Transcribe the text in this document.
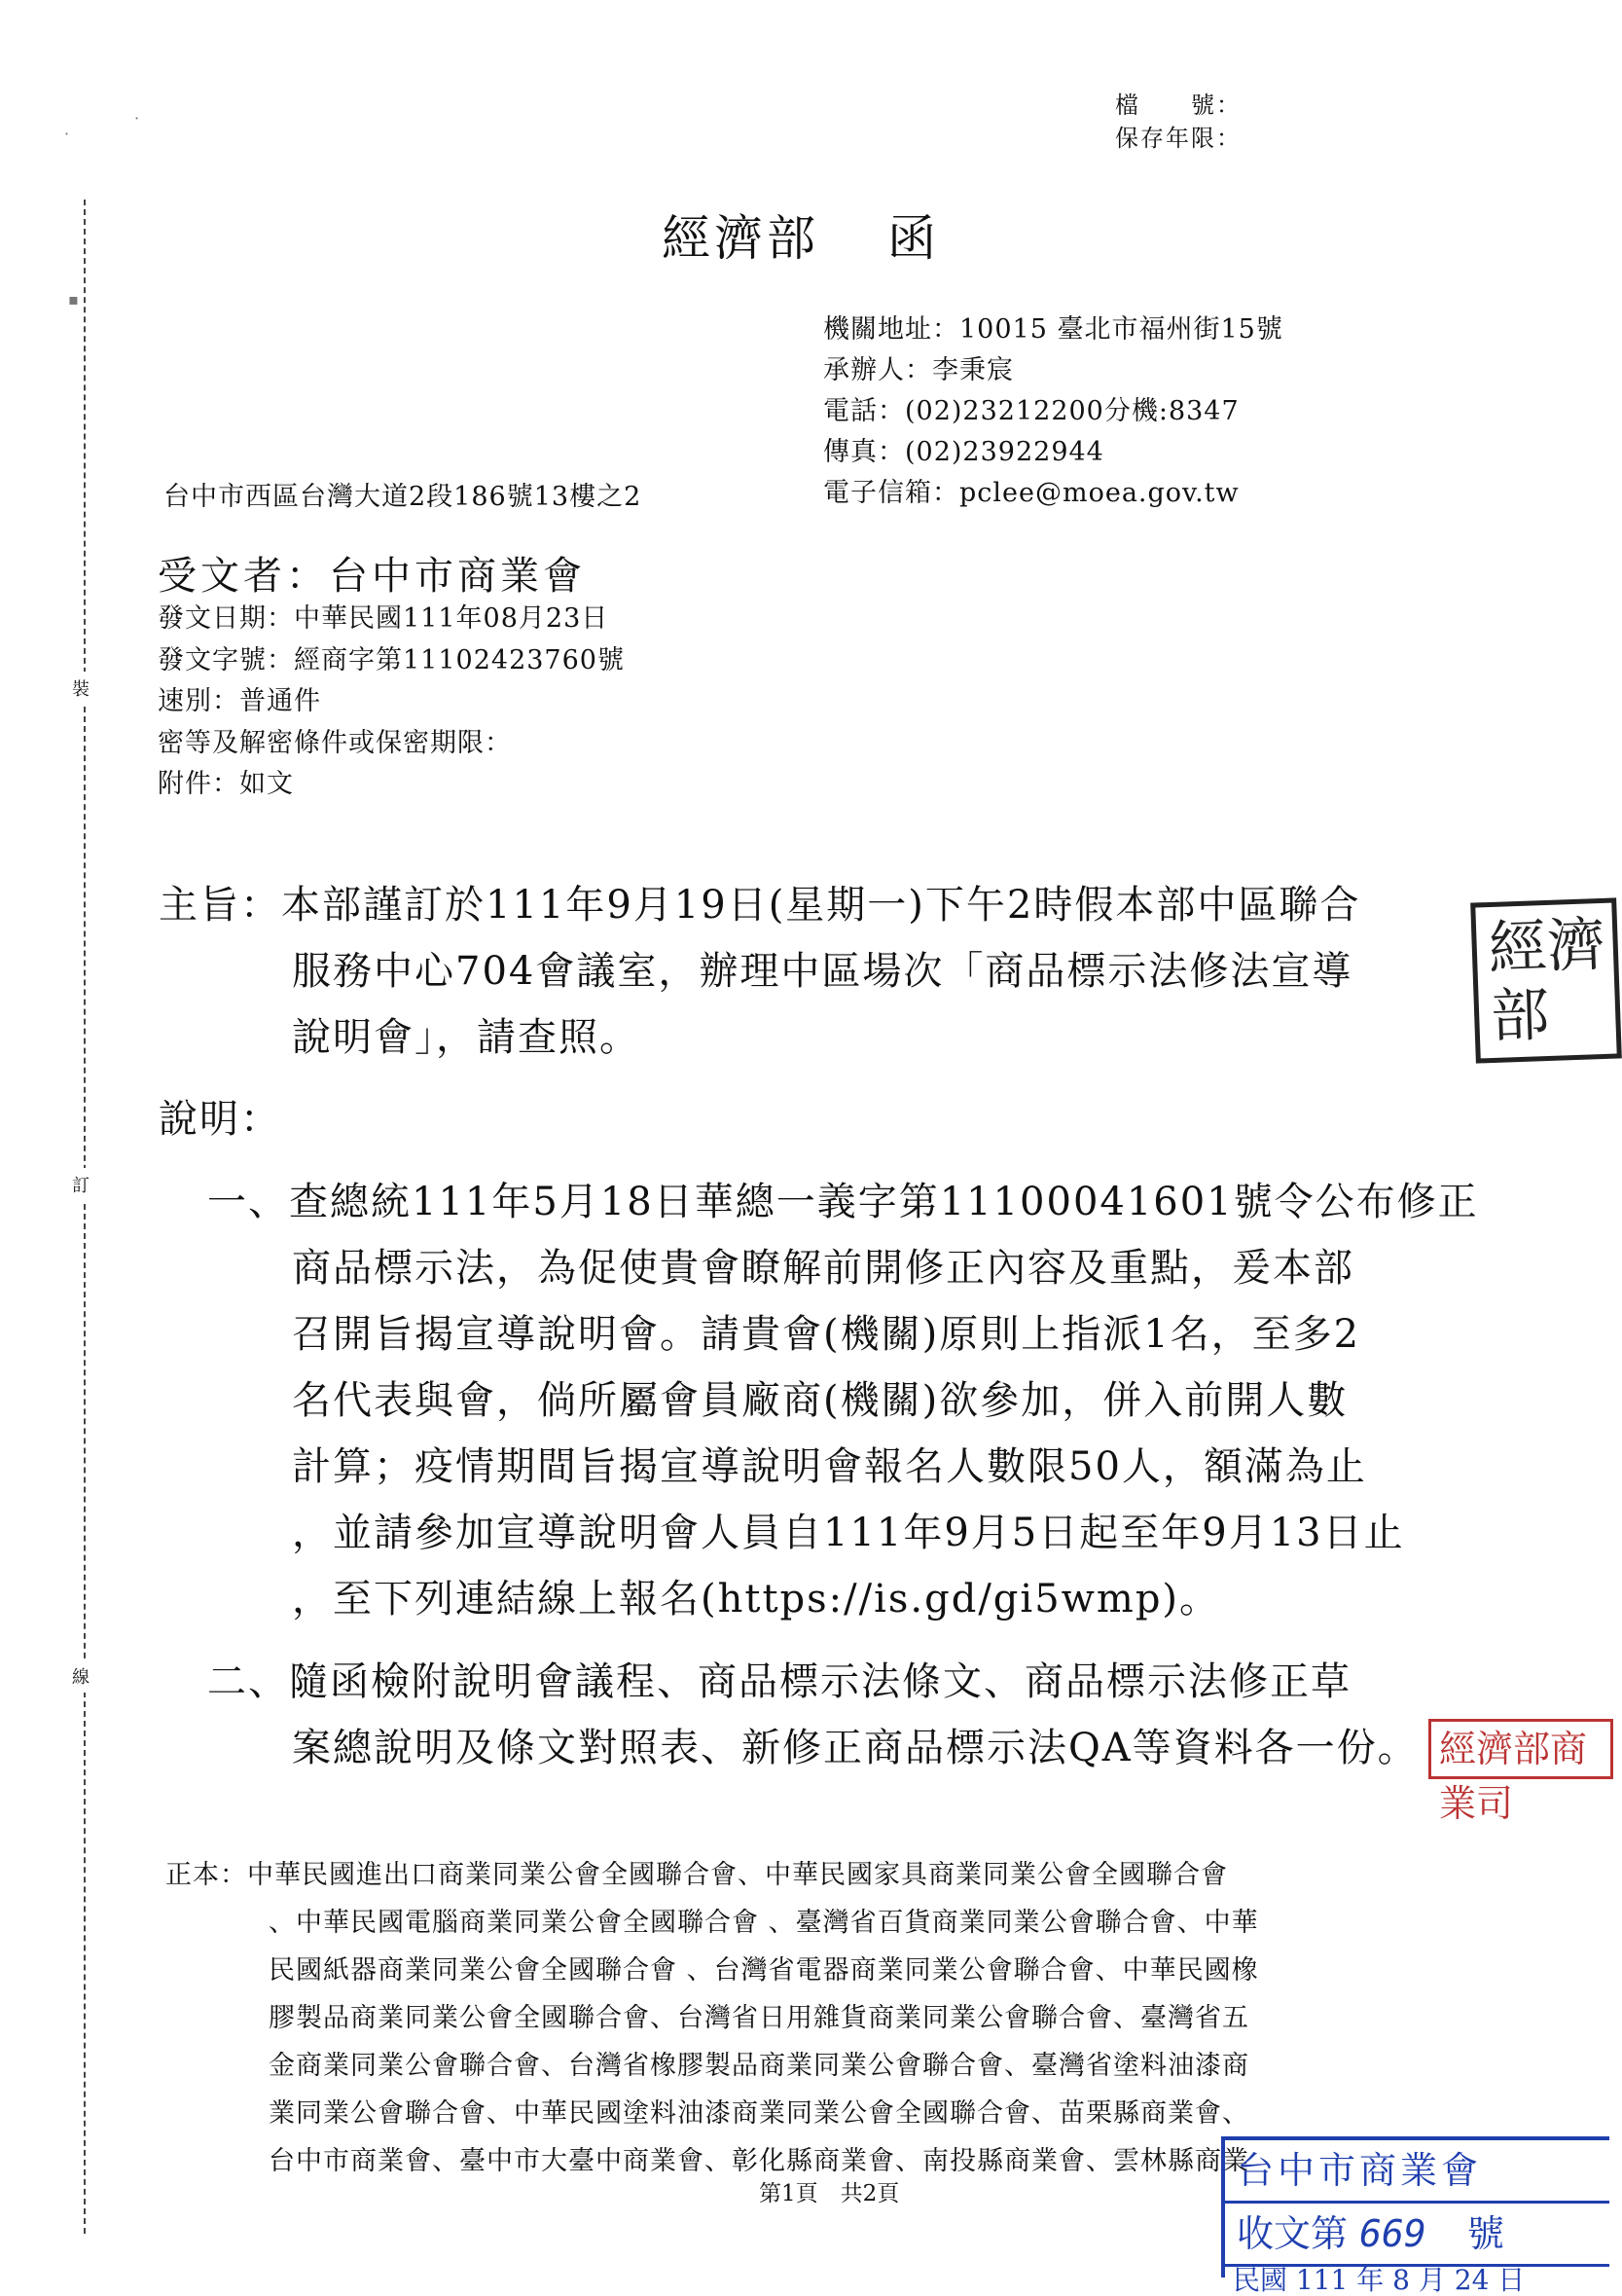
裝
訂
線
·
·
▪
檔　　號：
保存年限：
經濟部 函
機關地址：10015 臺北市福州街15號
承辦人：李秉宸
電話：(02)23212200分機:8347
傳真：(02)23922944
電子信箱：pclee@moea.gov.tw
台中市西區台灣大道2段186號13樓之2
受文者：台中市商業會
發文日期：中華民國111年08月23日
發文字號：經商字第11102423760號
速別：普通件
密等及解密條件或保密期限：
附件：如文
主旨：本部謹訂於111年9月19日(星期一)下午2時假本部中區聯合
服務中心704會議室，辦理中區場次「商品標示法修法宣導
說明會」，請查照。
說明：
一、查總統111年5月18日華總一義字第11100041601號令公布修正
商品標示法，為促使貴會瞭解前開修正內容及重點，爰本部
召開旨揭宣導說明會。請貴會(機關)原則上指派1名，至多2
名代表與會，倘所屬會員廠商(機關)欲參加，併入前開人數
計算；疫情期間旨揭宣導說明會報名人數限50人，額滿為止
，並請參加宣導說明會人員自111年9月5日起至年9月13日止
，至下列連結線上報名(https://is.gd/gi5wmp)。
二、隨函檢附說明會議程、商品標示法條文、商品標示法修正草
案總說明及條文對照表、新修正商品標示法QA等資料各一份。
正本：中華民國進出口商業同業公會全國聯合會、中華民國家具商業同業公會全國聯合會
、中華民國電腦商業同業公會全國聯合會 、臺灣省百貨商業同業公會聯合會、中華
民國紙器商業同業公會全國聯合會 、台灣省電器商業同業公會聯合會、中華民國橡
膠製品商業同業公會全國聯合會、台灣省日用雜貨商業同業公會聯合會、臺灣省五
金商業同業公會聯合會、台灣省橡膠製品商業同業公會聯合會、臺灣省塗料油漆商
業同業公會聯合會、中華民國塗料油漆商業同業公會全國聯合會、苗栗縣商業會、
台中市商業會、臺中市大臺中商業會、彰化縣商業會、南投縣商業會、雲林縣商業
第1頁　共2頁
經濟部
經濟部商業司
台中市商業會
收文第 669 號
民國 111 年 8 月 24 日
